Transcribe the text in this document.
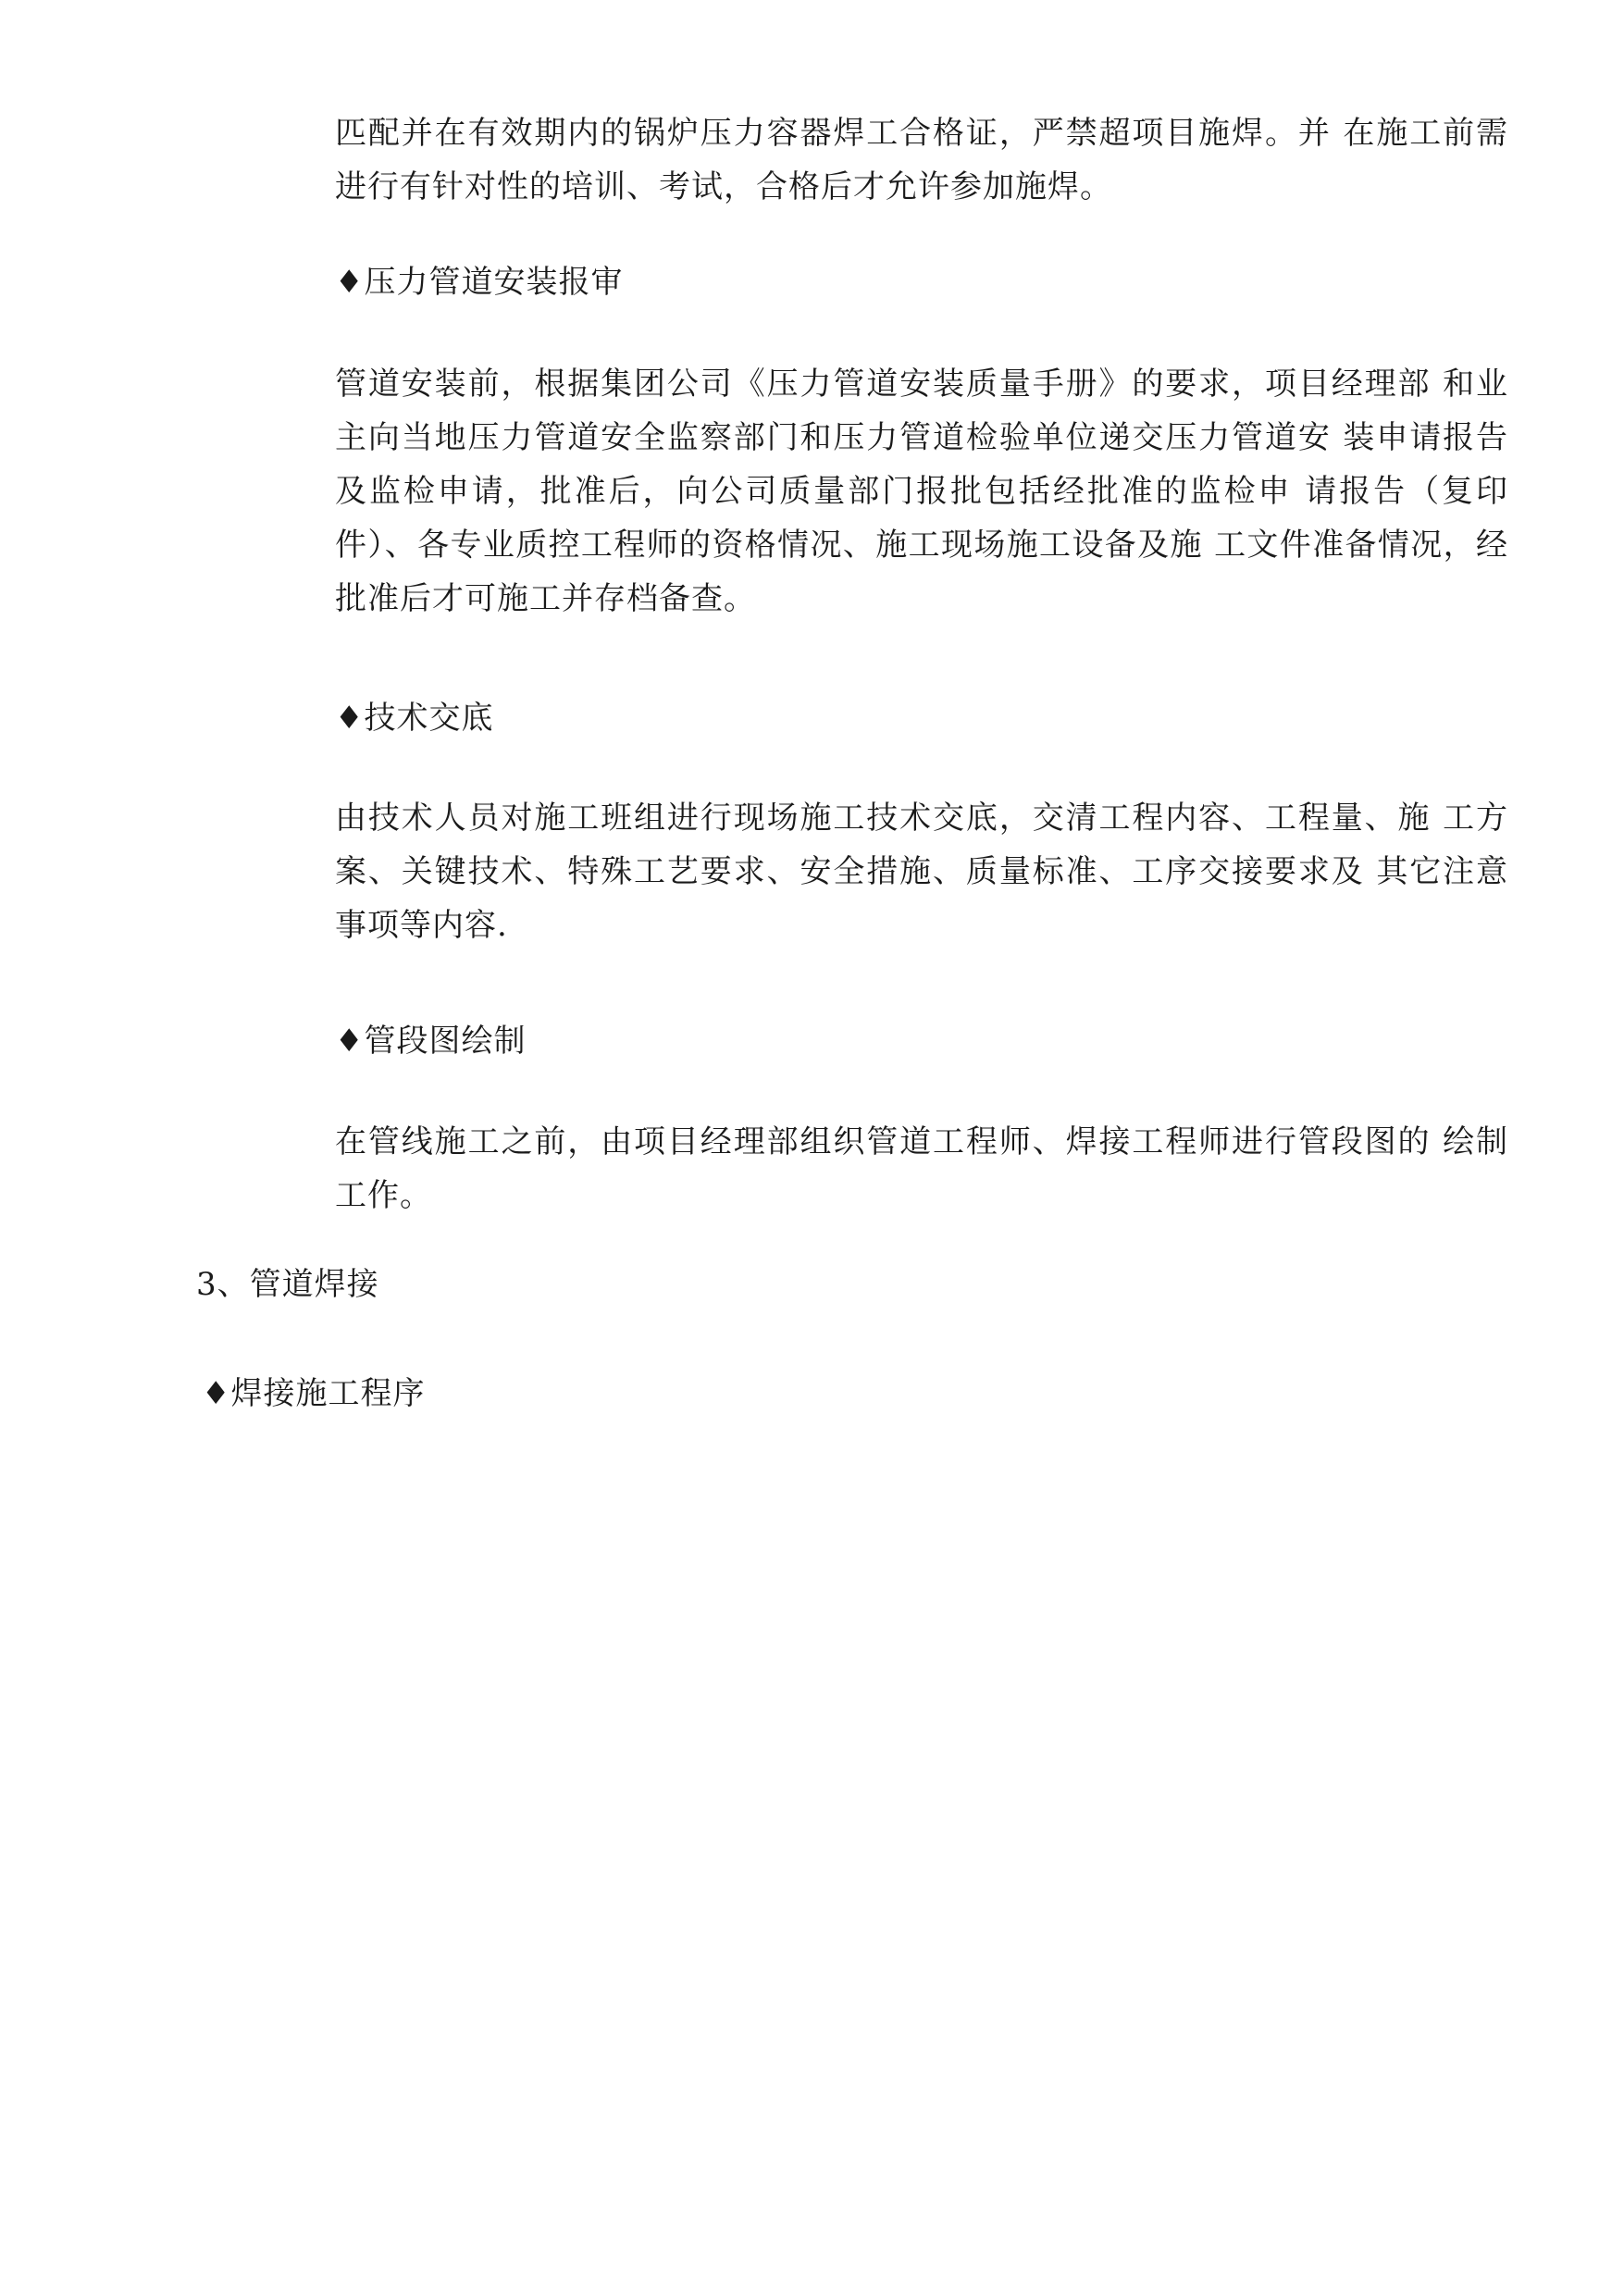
匹配并在有效期内的锅炉压力容器焊工合格证，严禁超项目施焊。并 在施工前需进行有针对性的培训、考试，合格后才允许参加施焊。

♦压力管道安装报审

管道安装前，根据集团公司《压力管道安装质量手册》的要求，项目经理部 和业主向当地压力管道安全监察部门和压力管道检验单位递交压力管道安 装申请报告及监检申请，批准后，向公司质量部门报批包括经批准的监检申 请报告（复印件）、各专业质控工程师的资格情况、施工现场施工设备及施 工文件准备情况，经批准后才可施工并存档备查。

♦技术交底

由技术人员对施工班组进行现场施工技术交底，交清工程内容、工程量、施 工方案、关键技术、特殊工艺要求、安全措施、质量标准、工序交接要求及 其它注意事项等内容.

♦管段图绘制

在管线施工之前，由项目经理部组织管道工程师、焊接工程师进行管段图的 绘制工作。

3、管道焊接

♦焊接施工程序
